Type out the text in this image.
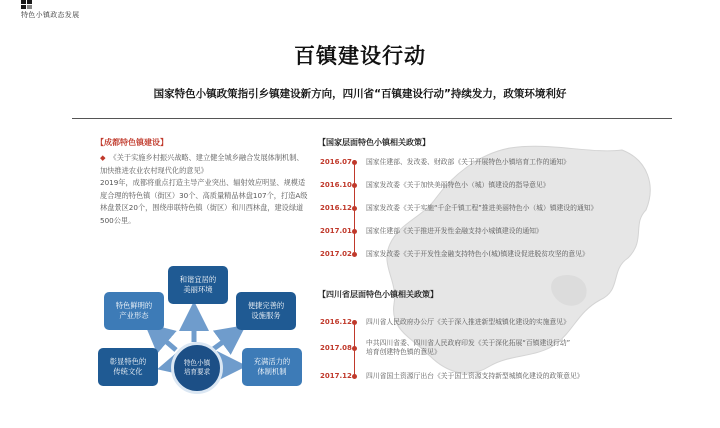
特色小镇政态发展
百镇建设行动
国家特色小镇政策指引乡镇建设新方向，四川省“百镇建设行动”持续发力，政策环境利好
【成都特色镇建设】

◆ 《关于实施乡村振兴战略、建立健全城乡融合发展体制机制、加快推进农业农村现代化的意见》

2019年，成都将重点打造主导产业突出、辐射效应明显、规模适度合理的特色镇（街区）30个、高质量精品林盘107个，打造A级林盘景区20个，围绕串联特色镇（街区）和川西林盘，建设绿道500公里。

和谐宜居的
美丽环境
特色鲜明的
产业形态
便捷完善的
设施服务
彰显特色的
传统文化
充满活力的
体制机制
特色小镇
培育要求
【国家层面特色小镇相关政策】
2016.07 国家住建部、发改委、财政部《关于开展特色小镇培育工作的通知》
2016.10 国家发改委《关于加快美丽特色小（城）镇建设的指导意见》
2016.12 国家发改委《关于实施“千企千镇工程”推进美丽特色小（城）镇建设的通知》
2017.01 国家住建部《关于推进开发性金融支持小城镇建设的通知》
2017.02 国家发改委《关于开发性金融支持特色小(城)镇建设促进脱贫攻坚的意见》
【四川省层面特色小镇相关政策】
2016.12 四川省人民政府办公厅《关于深入推进新型城镇化建设的实施意见》
2017.08
中共四川省委、四川省人民政府印发《关于深化拓展“百镇建设行动”
培育创建特色镇的意见》
2017.12 四川省国土资源厅出台《关于国土资源支持新型城镇化建设的政策意见》
